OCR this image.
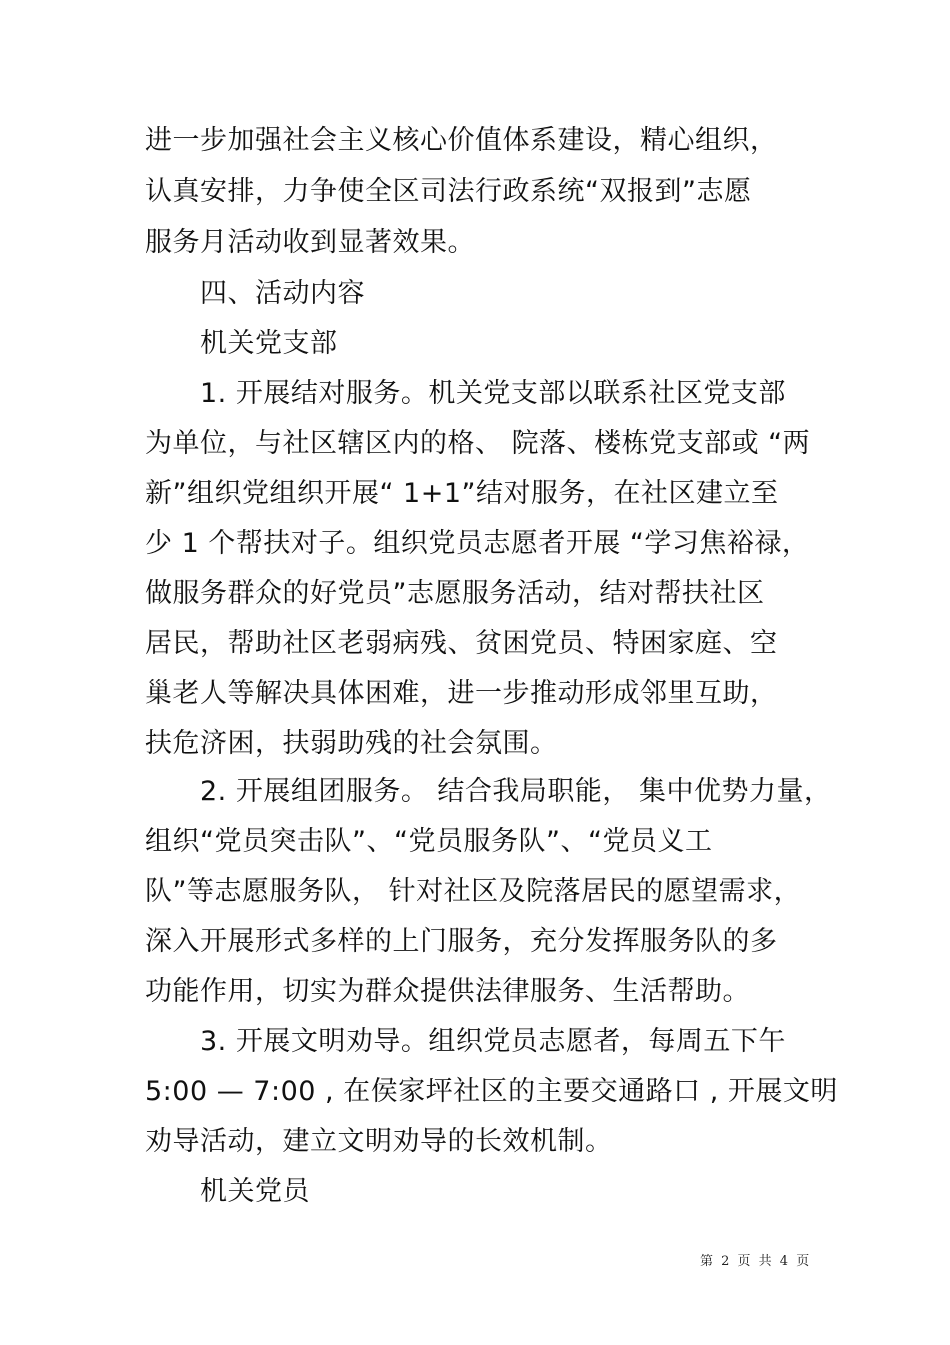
进一步加强社会主义核心价值体系建设，精心组织，
认真安排，力争使全区司法行政系统“双报到”志愿
服务月活动收到显著效果。
四、活动内容
机关党支部
1. 开展结对服务。机关党支部以联系社区党支部
为单位，与社区辖区内的格、 院落、楼栋党支部或 “两
新”组织党组织开展“ 1+1”结对服务，在社区建立至
少 1 个帮扶对子。组织党员志愿者开展 “学习焦裕禄，
做服务群众的好党员”志愿服务活动，结对帮扶社区
居民，帮助社区老弱病残、贫困党员、特困家庭、空
巢老人等解决具体困难，进一步推动形成邻里互助，
扶危济困，扶弱助残的社会氛围。
2. 开展组团服务。 结合我局职能， 集中优势力量，
组织“党员突击队”、“党员服务队”、“党员义工
队”等志愿服务队， 针对社区及院落居民的愿望需求，
深入开展形式多样的上门服务，充分发挥服务队的多
功能作用，切实为群众提供法律服务、生活帮助。
3. 开展文明劝导。组织党员志愿者，每周五下午
5:00 — 7:00 , 在侯家坪社区的主要交通路口 , 开展文明
劝导活动，建立文明劝导的长效机制。
机关党员
第 2 页 共 4 页
